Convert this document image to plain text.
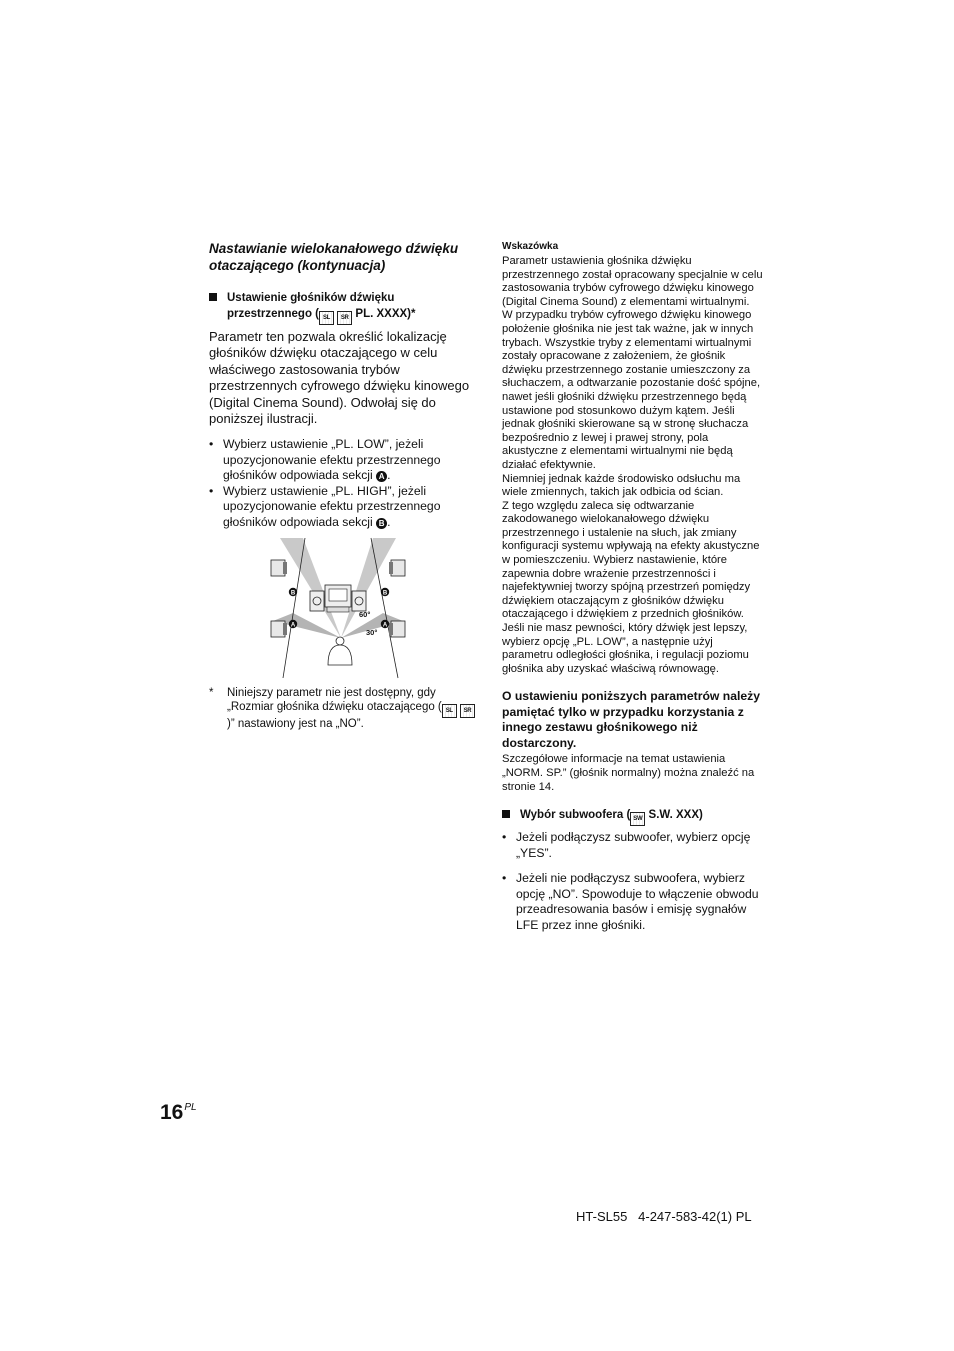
Nastawianie wielokanałowego dźwięku otaczającego (kontynuacja)

Ustawienie głośników dźwięku przestrzennego ( SL SR PL. XXXX)*
Parametr ten pozwala określić lokalizację głośników dźwięku otaczającego w celu właściwego zastosowania trybów przestrzennych cyfrowego dźwięku kinowego (Digital Cinema Sound). Odwołaj się do poniższej ilustracji.
• Wybierz ustawienie „PL. LOW”, jeżeli upozycjonowanie efektu przestrzennego głośników odpowiada sekcji A .
• Wybierz ustawienie „PL. HIGH”, jeżeli upozycjonowanie efektu przestrzennego głośników odpowiada sekcji B .
B	B
A	A
60°
30°
*	Niniejszy parametr nie jest dostępny, gdy „Rozmiar głośnika dźwięku otaczającego ( SL SR)” nastawiony jest na „NO”.
Wskazówka

Parametr ustawienia głośnika dźwięku przestrzennego został opracowany specjalnie w celu zastosowania trybów cyfrowego dźwięku kinowego (Digital Cinema Sound) z elementami wirtualnymi.

W przypadku trybów cyfrowego dźwięku kinowego położenie głośnika nie jest tak ważne, jak w innych trybach. Wszystkie tryby z elementami wirtualnymi zostały opracowane z założeniem, że głośnik dźwięku przestrzennego zostanie umieszczony za słuchaczem, a odtwarzanie pozostanie dość spójne, nawet jeśli głośniki dźwięku przestrzennego będą ustawione pod stosunkowo dużym kątem. Jeśli jednak głośniki skierowane są w stronę słuchacza bezpośrednio z lewej i prawej strony, pola akustyczne z elementami wirtualnymi nie będą działać efektywnie.

Niemniej jednak każde środowisko odsłuchu ma wiele zmiennych, takich jak odbicia od ścian.

Z tego względu zaleca się odtwarzanie zakodowanego wielokanałowego dźwięku przestrzennego i ustalenie na słuch, jak zmiany konfiguracji systemu wpływają na efekty akustyczne w pomieszczeniu. Wybierz nastawienie, które zapewnia dobre wrażenie przestrzenności i najefektywniej tworzy spójną przestrzeń pomiędzy dźwiękiem otaczającym z głośników dźwięku otaczającego i dźwiękiem z przednich głośników. Jeśli nie masz pewności, który dźwięk jest lepszy, wybierz opcję „PL. LOW”, a następnie użyj parametru odległości głośnika, i regulacji poziomu głośnika aby uzyskać właściwą równowagę.

O ustawieniu poniższych parametrów należy pamiętać tylko w przypadku korzystania z innego zestawu głośnikowego niż dostarczony.
Szczegółowe informacje na temat ustawienia „NORM. SP.” (głośnik normalny) można znaleźć na stronie 14.
Wybór subwoofera ( SW S.W. XXX)
• Jeżeli podłączysz subwoofer, wybierz opcję „YES”.
• Jeżeli nie podłączysz subwoofera, wybierz opcję „NO”. Spowoduje to włączenie obwodu przeadresowania basów i emisję sygnałów LFE przez inne głośniki.
$16^{PL}$
HT-SL55   4-247-583-42(1) PL
